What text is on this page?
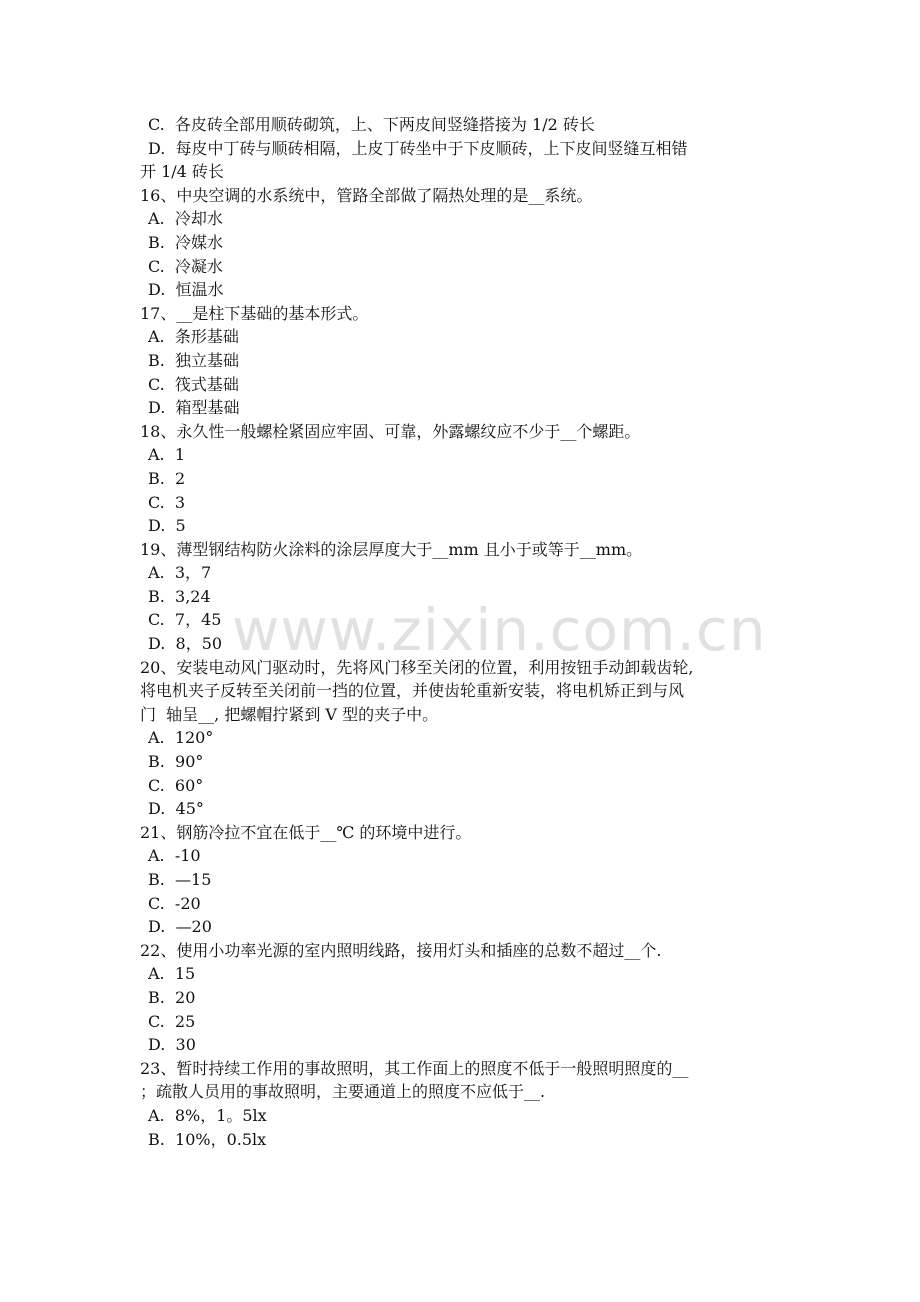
C.  各皮砖全部用顺砖砌筑，上、下两皮间竖缝搭接为 1/2 砖长
D.  每皮中丁砖与顺砖相隔，上皮丁砖坐中于下皮顺砖，上下皮间竖缝互相错
开 1/4 砖长
16、中央空调的水系统中，管路全部做了隔热处理的是__系统。
A.  冷却水
B.  冷媒水
C.  冷凝水
D.  恒温水
17、__是柱下基础的基本形式。
A.  条形基础
B.  独立基础
C.  筏式基础
D.  箱型基础
18、永久性一般螺栓紧固应牢固、可靠，外露螺纹应不少于__个螺距。
A.  1
B.  2
C.  3
D.  5
19、薄型钢结构防火涂料的涂层厚度大于__mm 且小于或等于__mm。
A.  3，7
B.  3,24
C.  7，45
D.  8，50
20、安装电动风门驱动时，先将风门移至关闭的位置，利用按钮手动卸载齿轮,
将电机夹子反转至关闭前一挡的位置，并使齿轮重新安装，将电机矫正到与风
门  轴呈__, 把螺帽拧紧到 V 型的夹子中。
A.  120°
B.  90°
C.  60°
D.  45°
21、钢筋冷拉不宜在低于__℃ 的环境中进行。
A.  -10
B.  —15
C.  -20
D.  —20
22、使用小功率光源的室内照明线路，接用灯头和插座的总数不超过__个.
A.  15
B.  20
C.  25
D.  30
23、暂时持续工作用的事故照明，其工作面上的照度不低于一般照明照度的__
；疏散人员用的事故照明，主要通道上的照度不应低于__.
A.  8%，1。5lx
B.  10%，0.5lx
www.zixin.com.cn
